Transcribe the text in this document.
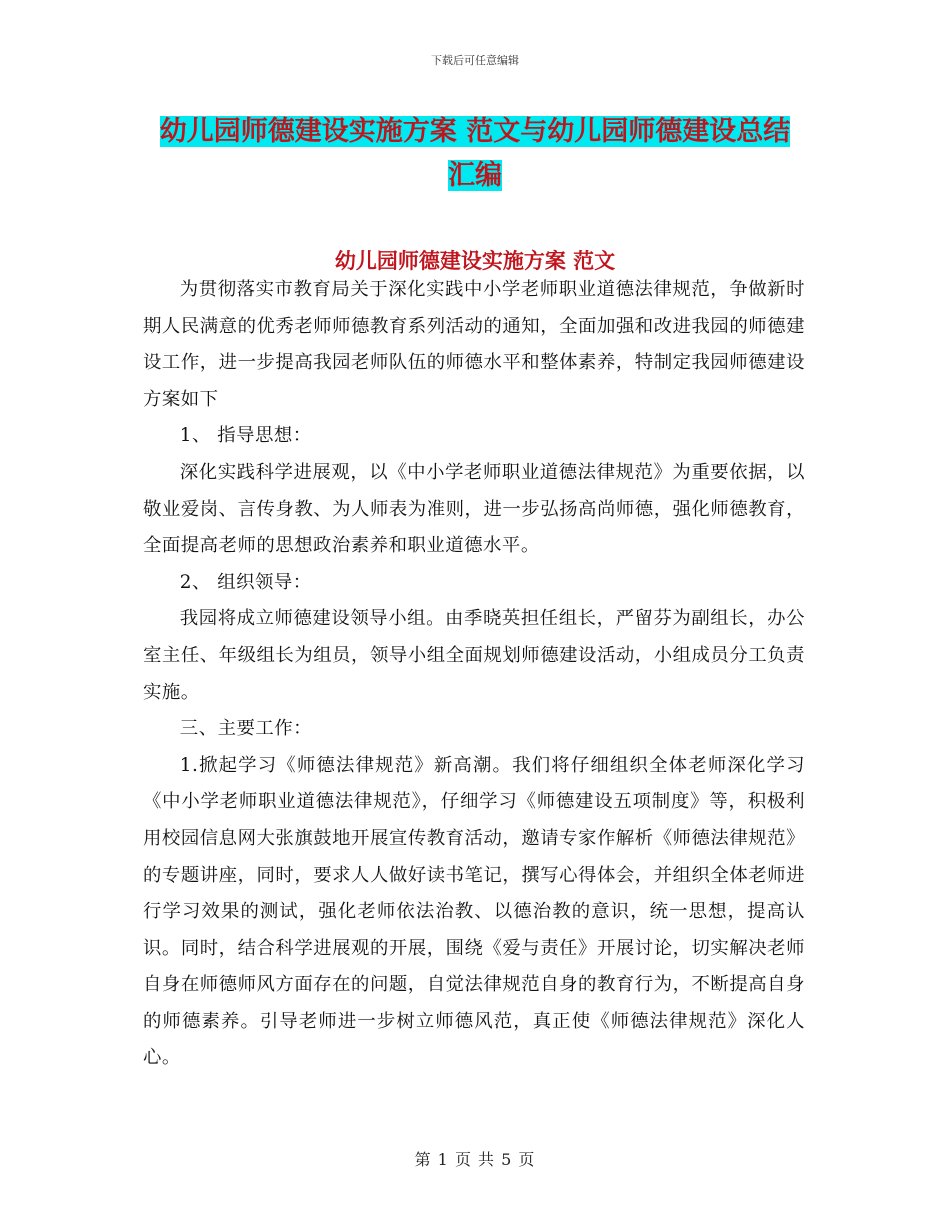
下载后可任意编辑
幼儿园师德建设实施方案 范文与幼儿园师德建设总结
汇编
幼儿园师德建设实施方案 范文

为贯彻落实市教育局关于深化实践中小学老师职业道德法律规范，争做新时期人民满意的优秀老师师德教育系列活动的通知，全面加强和改进我园的师德建设工作，进一步提高我园老师队伍的师德水平和整体素养，特制定我园师德建设方案如下

1、 指导思想：

深化实践科学进展观，以《中小学老师职业道德法律规范》为重要依据，以敬业爱岗、言传身教、为人师表为准则，进一步弘扬高尚师德，强化师德教育，全面提高老师的思想政治素养和职业道德水平。

2、 组织领导：

我园将成立师德建设领导小组。由季晓英担任组长，严留芬为副组长，办公室主任、年级组长为组员，领导小组全面规划师德建设活动，小组成员分工负责实施。

三、主要工作：

1.掀起学习《师德法律规范》新高潮。我们将仔细组织全体老师深化学习《中小学老师职业道德法律规范》，仔细学习《师德建设五项制度》等，积极利用校园信息网大张旗鼓地开展宣传教育活动，邀请专家作解析《师德法律规范》的专题讲座，同时，要求人人做好读书笔记，撰写心得体会，并组织全体老师进行学习效果的测试，强化老师依法治教、以德治教的意识，统一思想，提高认识。同时，结合科学进展观的开展，围绕《爱与责任》开展讨论，切实解决老师自身在师德师风方面存在的问题，自觉法律规范自身的教育行为，不断提高自身的师德素养。引导老师进一步树立师德风范，真正使《师德法律规范》深化人心。

第 1 页 共 5 页
